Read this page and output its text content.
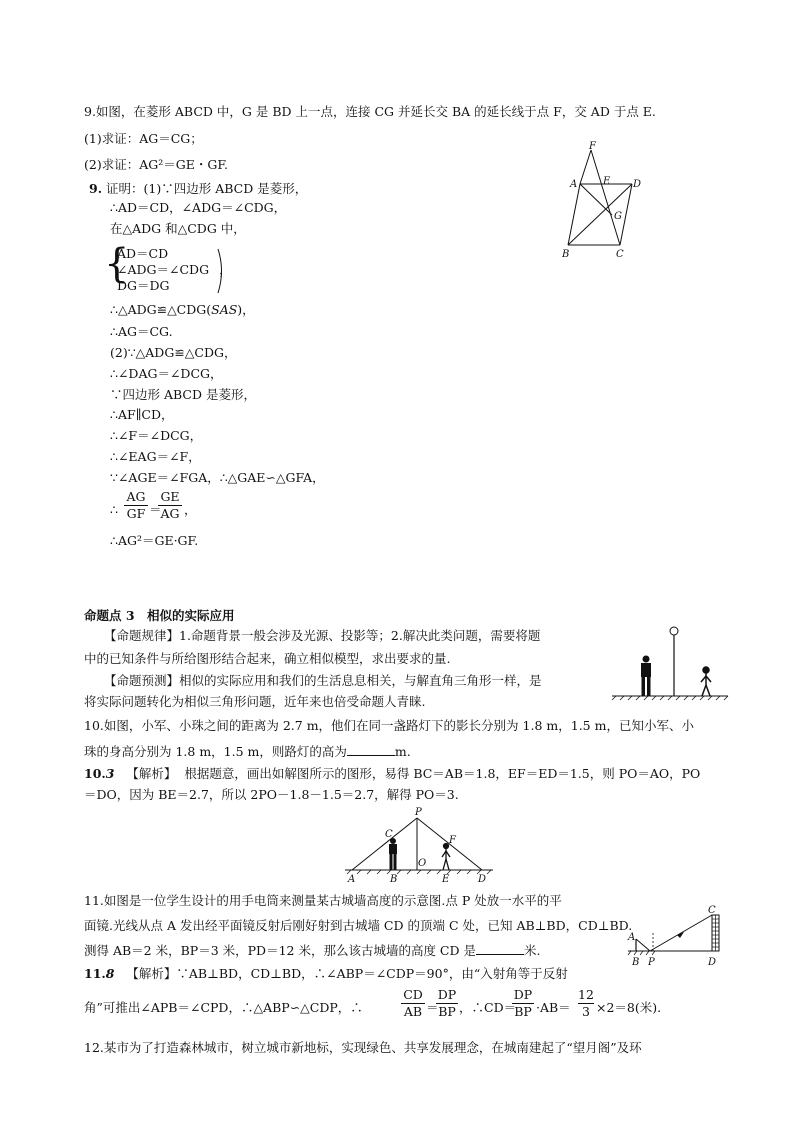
9.如图，在菱形 ABCD 中，G 是 BD 上一点，连接 CG 并延长交 BA 的延长线于点 F，交 AD 于点 E.
(1)求证：AG＝CG；
(2)求证：AG²＝GE・GF.
9. 证明：(1)∵四边形 ABCD 是菱形，
∴AD＝CD，∠ADG＝∠CDG，
在△ADG 和△CDG 中，
{
AD＝CD
∠ADG＝∠CDG ，
DG＝DG
∴△ADG≌△CDG(SAS)，
∴AG＝CG.
(2)∵△ADG≌△CDG，
∴∠DAG＝∠DCG，
∵四边形 ABCD 是菱形，
∴AF∥CD，
∴∠F＝∠DCG，
∴∠EAG＝∠F，
∵∠AGE＝∠FGA，∴△GAE∽△GFA，
∴
AG
GF ＝
GE
AG ，
∴AG²＝GE·GF.
F
A	E D
G
B	C
命题点 3　相似的实际应用
【命题规律】1.命题背景一般会涉及光源、投影等；2.解决此类问题，需要将题
中的已知条件与所给图形结合起来，确立相似模型，求出要求的量.
【命题预测】相似的实际应用和我们的生活息息相关，与解直角三角形一样，是
将实际问题转化为相似三角形问题，近年来也倍受命题人青睐.
10.如图，小军、小珠之间的距离为 2.7 m，他们在同一盏路灯下的影长分别为 1.8 m，1.5 m，已知小军、小
珠的身高分别为 1.8 m，1.5 m，则路灯的高为	m.
10.3 【解析】 根据题意，画出如解图所示的图形，易得 BC＝AB＝1.8，EF＝ED＝1.5，则 PO＝AO，PO
＝DO，因为 BE＝2.7，所以 2PO－1.8－1.5＝2.7，解得 PO＝3.
P
C
F
O
A	B	E	D
11.如图是一位学生设计的用手电筒来测量某古城墙高度的示意图.点 P 处放一水平的平
面镜.光线从点 A 发出经平面镜反射后刚好射到古城墙 CD 的顶端 C 处，已知 AB⊥BD，CD⊥BD.
测得 AB＝2 米，BP＝3 米，PD＝12 米，那么该古城墙的高度 CD 是	米.
11.8 【解析】∵AB⊥BD，CD⊥BD，∴∠ABP＝∠CDP＝90°，由“入射角等于反射
角”可推出∠APB＝∠CPD，∴△ABP∽△CDP，∴
CD
AB ＝
DP
BP ，∴CD＝
DP
BP ·AB＝
12
3 ×2＝8(米).
C
A
B P	D
12.某市为了打造森林城市，树立城市新地标，实现绿色、共享发展理念，在城南建起了“望月阁”及环
